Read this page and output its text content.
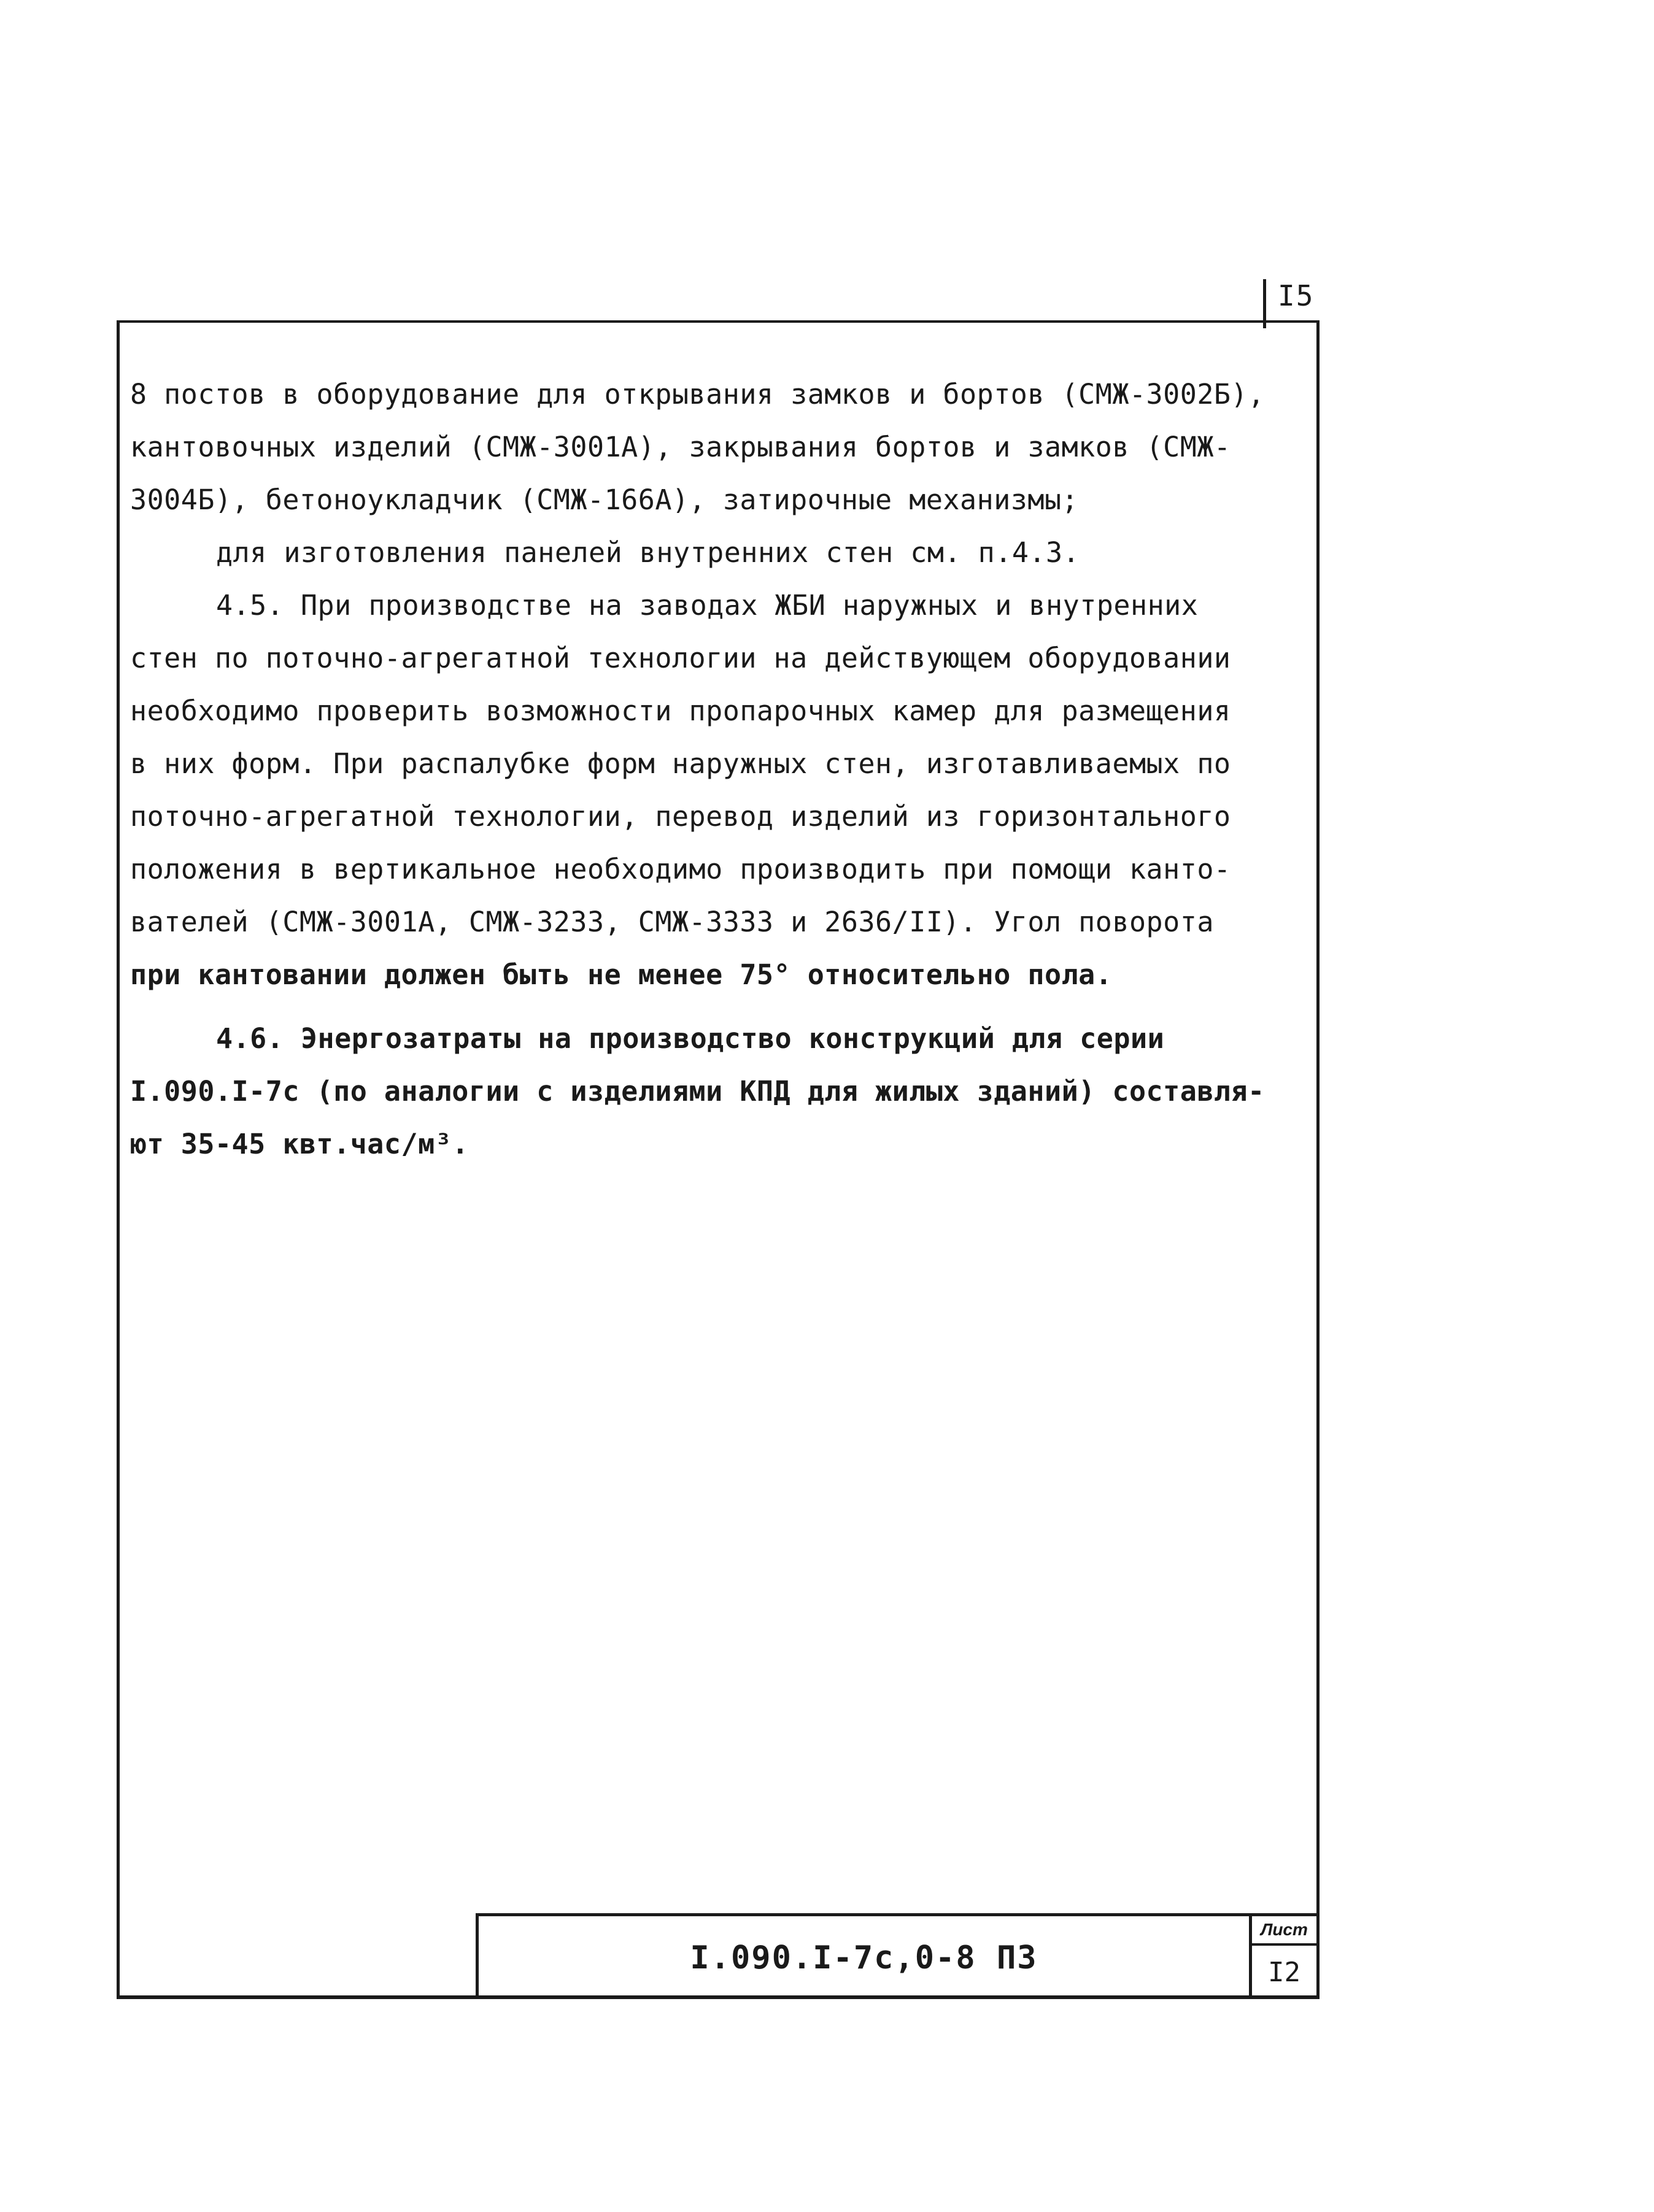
I5
8 постов в оборудование для открывания замков и бортов (СМЖ-3002Б),
кантовочных изделий (СМЖ-3001А), закрывания бортов и замков (СМЖ-
3004Б), бетоноукладчик (СМЖ-166А), затирочные механизмы;
для изготовления панелей внутренних стен см. п.4.3.
4.5. При производстве на заводах ЖБИ наружных и внутренних
стен по поточно-агрегатной технологии на действующем оборудовании
необходимо проверить возможности пропарочных камер для размещения
в них форм. При распалубке форм наружных стен, изготавливаемых по
поточно-агрегатной технологии, перевод изделий из горизонтального
положения в вертикальное необходимо производить при помощи канто-
вателей (СМЖ-3001А, СМЖ-3233, СМЖ-3333 и 2636/II). Угол поворота
при кантовании должен быть не менее 75° относительно пола.
4.6. Энергозатраты на производство конструкций для серии
I.090.I-7с (по аналогии с изделиями КПД для жилых зданий) составля-
ют 35-45 квт.час/м³.
I.090.I-7с,0-8 ПЗ
Лист
I2
